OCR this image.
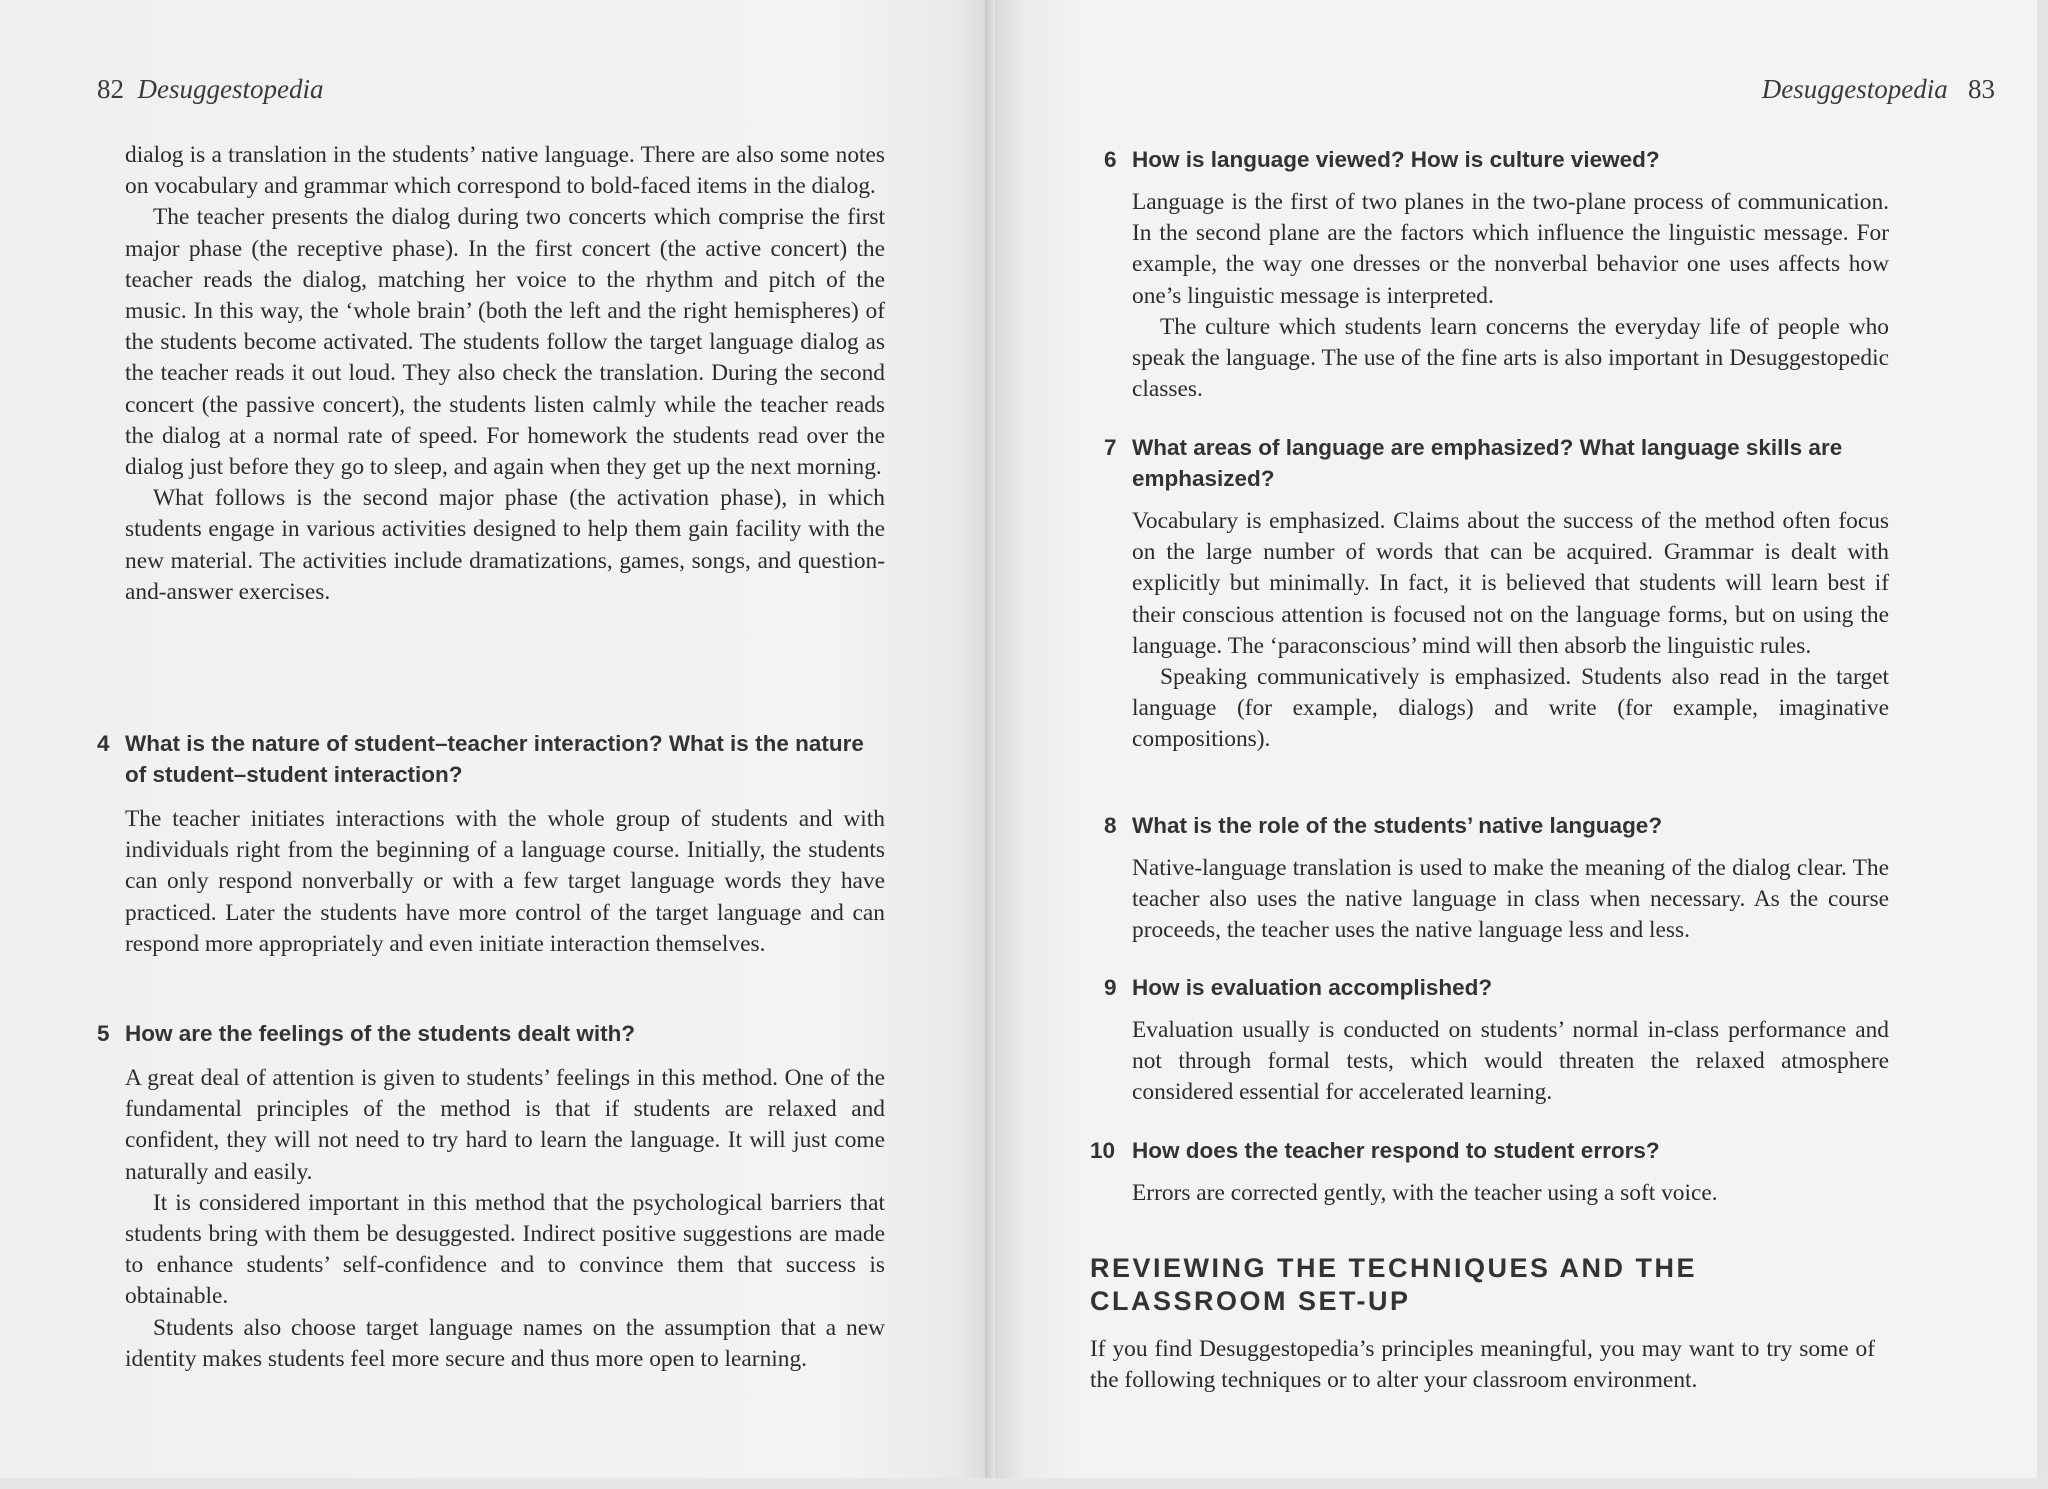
82 Desuggestopedia

dialog is a translation in the students’ native language. There are also some notes on vocabulary and grammar which correspond to bold-faced items in the dialog.

The teacher presents the dialog during two concerts which comprise the first major phase (the receptive phase). In the first concert (the active concert) the teacher reads the dialog, matching her voice to the rhythm and pitch of the music. In this way, the ‘whole brain’ (both the left and the right hemispheres) of the students become activated. The students follow the target language dialog as the teacher reads it out loud. They also check the translation. During the second concert (the passive concert), the students listen calmly while the teacher reads the dialog at a normal rate of speed. For homework the students read over the dialog just before they go to sleep, and again when they get up the next morning.

What follows is the second major phase (the activation phase), in which students engage in various activities designed to help them gain facility with the new material. The activities include dramatizations, games, songs, and question-and-answer exercises.

4 What is the nature of student–teacher interaction? What is the nature of student–student interaction?

The teacher initiates interactions with the whole group of students and with individuals right from the beginning of a language course. Initially, the students can only respond nonverbally or with a few target language words they have practiced. Later the students have more control of the target language and can respond more appropriately and even initiate interaction themselves.

5 How are the feelings of the students dealt with?

A great deal of attention is given to students’ feelings in this method. One of the fundamental principles of the method is that if students are relaxed and confident, they will not need to try hard to learn the language. It will just come naturally and easily.

It is considered important in this method that the psychological barriers that students bring with them be desuggested. Indirect positive suggestions are made to enhance students’ self-confidence and to convince them that success is obtainable.

Students also choose target language names on the assumption that a new identity makes students feel more secure and thus more open to learning.

Desuggestopedia 83
6 How is language viewed? How is culture viewed?

Language is the first of two planes in the two-plane process of communication. In the second plane are the factors which influence the linguistic message. For example, the way one dresses or the nonverbal behavior one uses affects how one’s linguistic message is interpreted.

The culture which students learn concerns the everyday life of people who speak the language. The use of the fine arts is also important in Desuggestopedic classes.

7 What areas of language are emphasized? What language skills are emphasized?

Vocabulary is emphasized. Claims about the success of the method often focus on the large number of words that can be acquired. Grammar is dealt with explicitly but minimally. In fact, it is believed that students will learn best if their conscious attention is focused not on the language forms, but on using the language. The ‘paraconscious’ mind will then absorb the linguistic rules.

Speaking communicatively is emphasized. Students also read in the target language (for example, dialogs) and write (for example, imaginative compositions).

8 What is the role of the students’ native language?

Native-language translation is used to make the meaning of the dialog clear. The teacher also uses the native language in class when necessary. As the course proceeds, the teacher uses the native language less and less.

9 How is evaluation accomplished?

Evaluation usually is conducted on students’ normal in-class performance and not through formal tests, which would threaten the relaxed atmosphere considered essential for accelerated learning.

10 How does the teacher respond to student errors?

Errors are corrected gently, with the teacher using a soft voice.

REVIEWING THE TECHNIQUES AND THE CLASSROOM SET-UP

If you find Desuggestopedia’s principles meaningful, you may want to try some of the following techniques or to alter your classroom environment.
